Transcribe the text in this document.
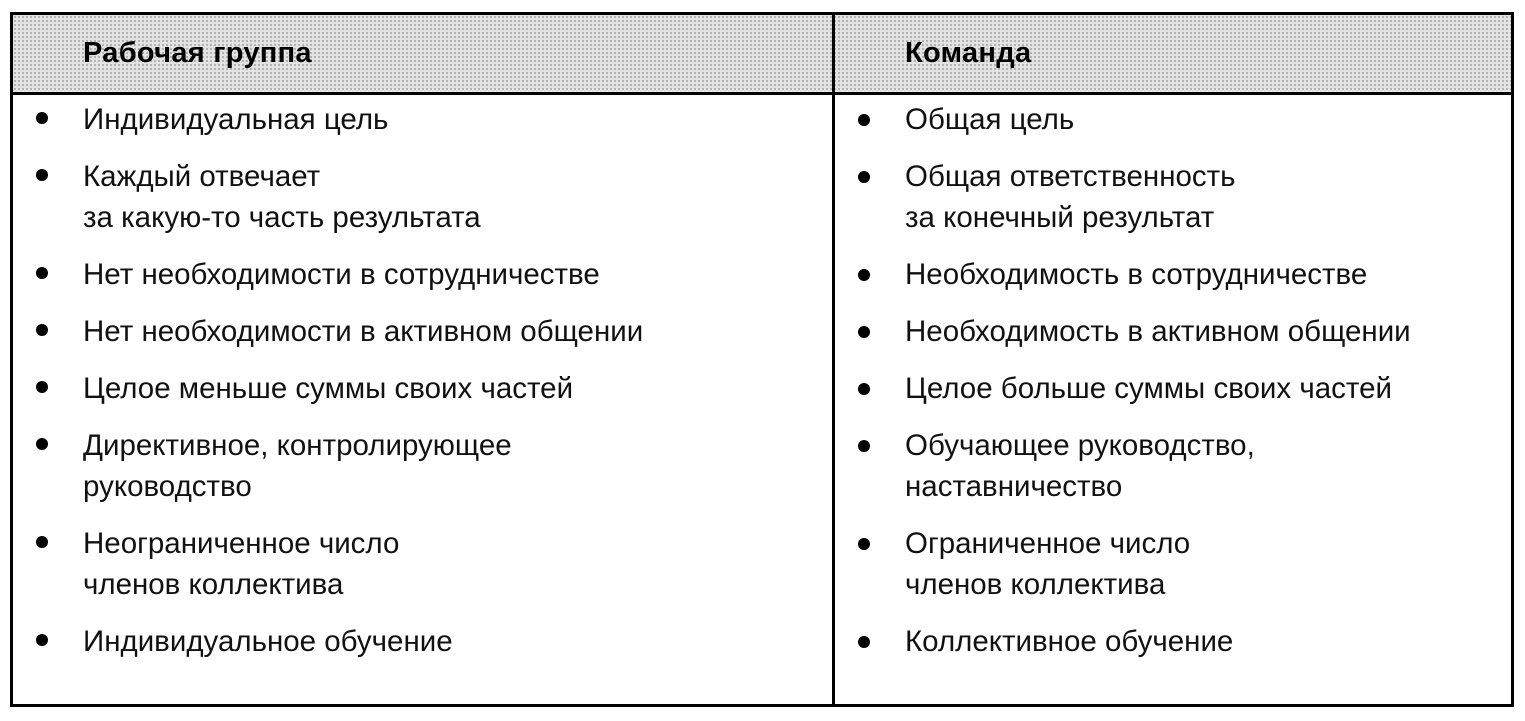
Рабочая группа	Команда
Индивидуальная цель
Каждый отвечает
за какую-то часть результата
Нет необходимости в сотрудничестве
Нет необходимости в активном общении
Целое меньше суммы своих частей
Директивное, контролирующее
руководство
Неограниченное число
членов коллектива
Индивидуальное обучение
Общая цель
Общая ответственность
за конечный результат
Необходимость в сотрудничестве
Необходимость в активном общении
Целое больше суммы своих частей
Обучающее руководство,
наставничество
Ограниченное число
членов коллектива
Коллективное обучение
